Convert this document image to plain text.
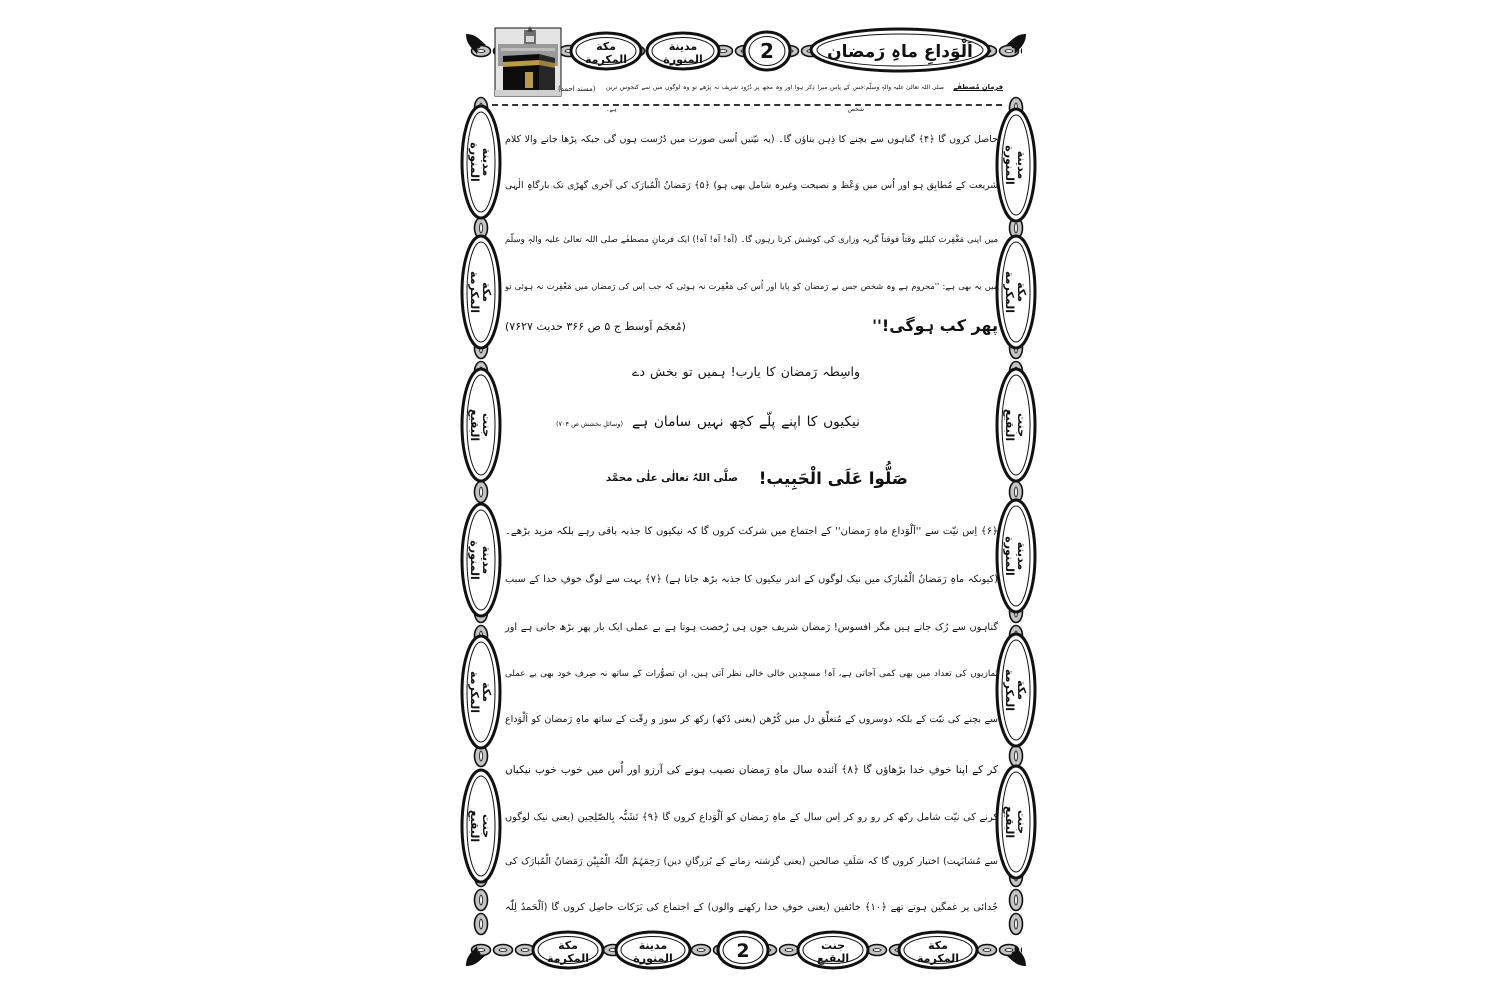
مكة
المكرمة
مدينة
المنورة	2	اَلْوَداعِ ماہِ رَمضان
مكة
المكرمة
مدينة
المنورة	2	جنت
البقيع
مكة
المكرمة
مدينة
المنورة
مكة
المكرمة
جنت
البقيع
مدينة
المنورة
مكة
المكرمة
جنت
البقيع
مدينة
المنورة
مكة
المكرمة
جنت
البقيع
مدينة
المنورة
مكة
المكرمة
جنت
البقيع
فرمانِ مُصطفٰے
صلی اللہ تعالیٰ علیہ والہٖ وسلّم:
جس کے پاس میرا ذِکر ہوا اور وہ مجھ پر دُرُود شریف نہ پڑھے تو وہ لوگوں میں سے کنجوس ترین شخص ہے۔
(مسند احمد)
حاصل کروں گا ﴿۴﴾ گناہوں سے بچنے کا ذِہن بناؤں گا۔ (یہ نیّتیں اُسی صورت میں دُرُست ہوں گی جبکہ پڑھا جانے والا کلام
شریعت کے مُطابِق ہو اور اُس میں وَعْظ و نصیحت وغیرہ شامل بھی ہو) ﴿۵﴾ رَمَضانُ الْمُبارَک کی آخری گھڑی تک بارگاہِ الٰہی
میں اپنی مَغْفِرت کیلئے وقتاً فوقتاً گریہ وزاری کی کوشش کرتا رہوں گا۔ (آہ! آہ! آہ!) ایک فرمانِ مصطفٰے صلی اللہ تعالیٰ علیہ والہٖ وسلّم
میں یہ بھی ہے: ''محروم ہے وہ شخص جس نے رَمضان کو پایا اور اُس کی مَغْفِرت نہ ہوئی کہ جب اِس کی رَمضان میں مَغْفِرت نہ ہوئی تو
پھر کب ہوگی!''
(مُعجَم اَوسط ج ۵ ص ۳۶۶ حدیث ۷۶۲۷)
واسِطہ رَمضان کا یارب! ہمیں تو بخش دے
نیکیوں کا اپنے پلّے کچھ نہیں سامان ہے
(وسائلِ بخشش ص ۷۰۴)
صَلُّوا عَلَی الْحَبِیب!
صلَّی اللہُ تعالٰی علٰی محمَّد
﴿۶﴾ اِس نیّت سے ''اَلْوَداع ماہِ رَمضان'' کے اجتماع میں شرکت کروں گا کہ نیکیوں کا جذبہ باقی رہے بلکہ مزید بڑھے۔
(کیونکہ ماہِ رَمَضانُ الْمُبارَک میں نیک لوگوں کے اندر نیکیوں کا جذبہ بڑھ جاتا ہے) ﴿۷﴾ بہت سے لوگ خوفِ خدا کے سبب
گناہوں سے رُک جاتے ہیں مگر افسوس! رَمضان شریف جوں ہی رُخصت ہوتا ہے بے عملی ایک بار پھر بڑھ جاتی ہے اور
نَمازیوں کی تعداد میں بھی کمی آجاتی ہے، آہ! مسجِدیں خالی خالی نظر آتی ہیں، ان تصوُّرات کے ساتھ نہ صِرف خود بھی بے عملی
سے بچنے کی نیّت کے بلکہ دوسروں کے مُتعلِّق دل میں کُڑھن (یعنی دُکھ) رکھ کر سوز و رِقّت کے ساتھ ماہِ رَمضان کو اَلْوَداع
کر کے اپنا خوفِ خدا بڑھاؤں گا ﴿۸﴾ آئندہ سال ماہِ رَمضان نصیب ہونے کی آرزو اور اُس میں خوب خوب نیکیاں
کرنے کی نیّت شامل رکھ کر رو رو کر اِس سال کے ماہِ رَمضان کو اَلْوَداع کروں گا ﴿۹﴾ تَشَبُّہ بِالصّٰلِحِین (یعنی نیک لوگوں
سے مُشابَہت) اختیار کروں گا کہ سَلَفِ صالحین (یعنی گزشتہ زمانے کے بُزرگانِ دین) رَحِمَہُمُ اللّٰہُ الْمُبِیْن رَمَضانُ الْمُبارَک کی
جُدائی پر غمگین ہوتے تھے ﴿۱۰﴾ خائفین (یعنی خوفِ خدا رکھنے والوں) کے اجتماع کی بَرَکات حاصِل کروں گا (اَلْحَمدُ لِلّٰہ
